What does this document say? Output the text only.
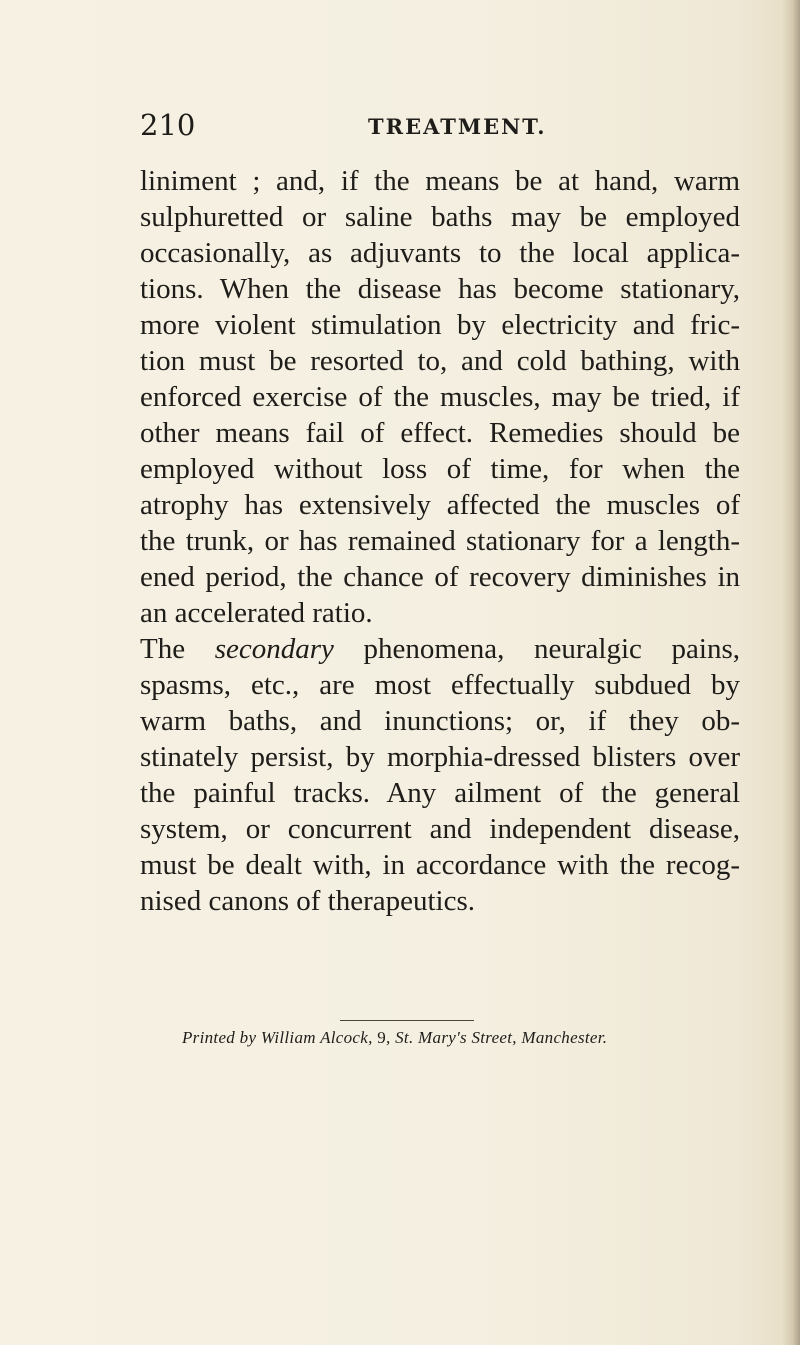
210	TREATMENT.
liniment ; and, if the means be at hand, warm
sulphuretted or saline baths may be employed
occasionally, as adjuvants to the local applica-
tions. When the disease has become stationary,
more violent stimulation by electricity and fric-
tion must be resorted to, and cold bathing, with
enforced exercise of the muscles, may be tried, if
other means fail of effect. Remedies should be
employed without loss of time, for when the
atrophy has extensively affected the muscles of
the trunk, or has remained stationary for a length-
ened period, the chance of recovery diminishes in
an accelerated ratio.
The secondary phenomena, neuralgic pains,
spasms, etc., are most effectually subdued by
warm baths, and inunctions; or, if they ob-
stinately persist, by morphia-dressed blisters over
the painful tracks. Any ailment of the general
system, or concurrent and independent disease,
must be dealt with, in accordance with the recog-
nised canons of therapeutics.
Printed by William Alcock, 9, St. Mary's Street, Manchester.
